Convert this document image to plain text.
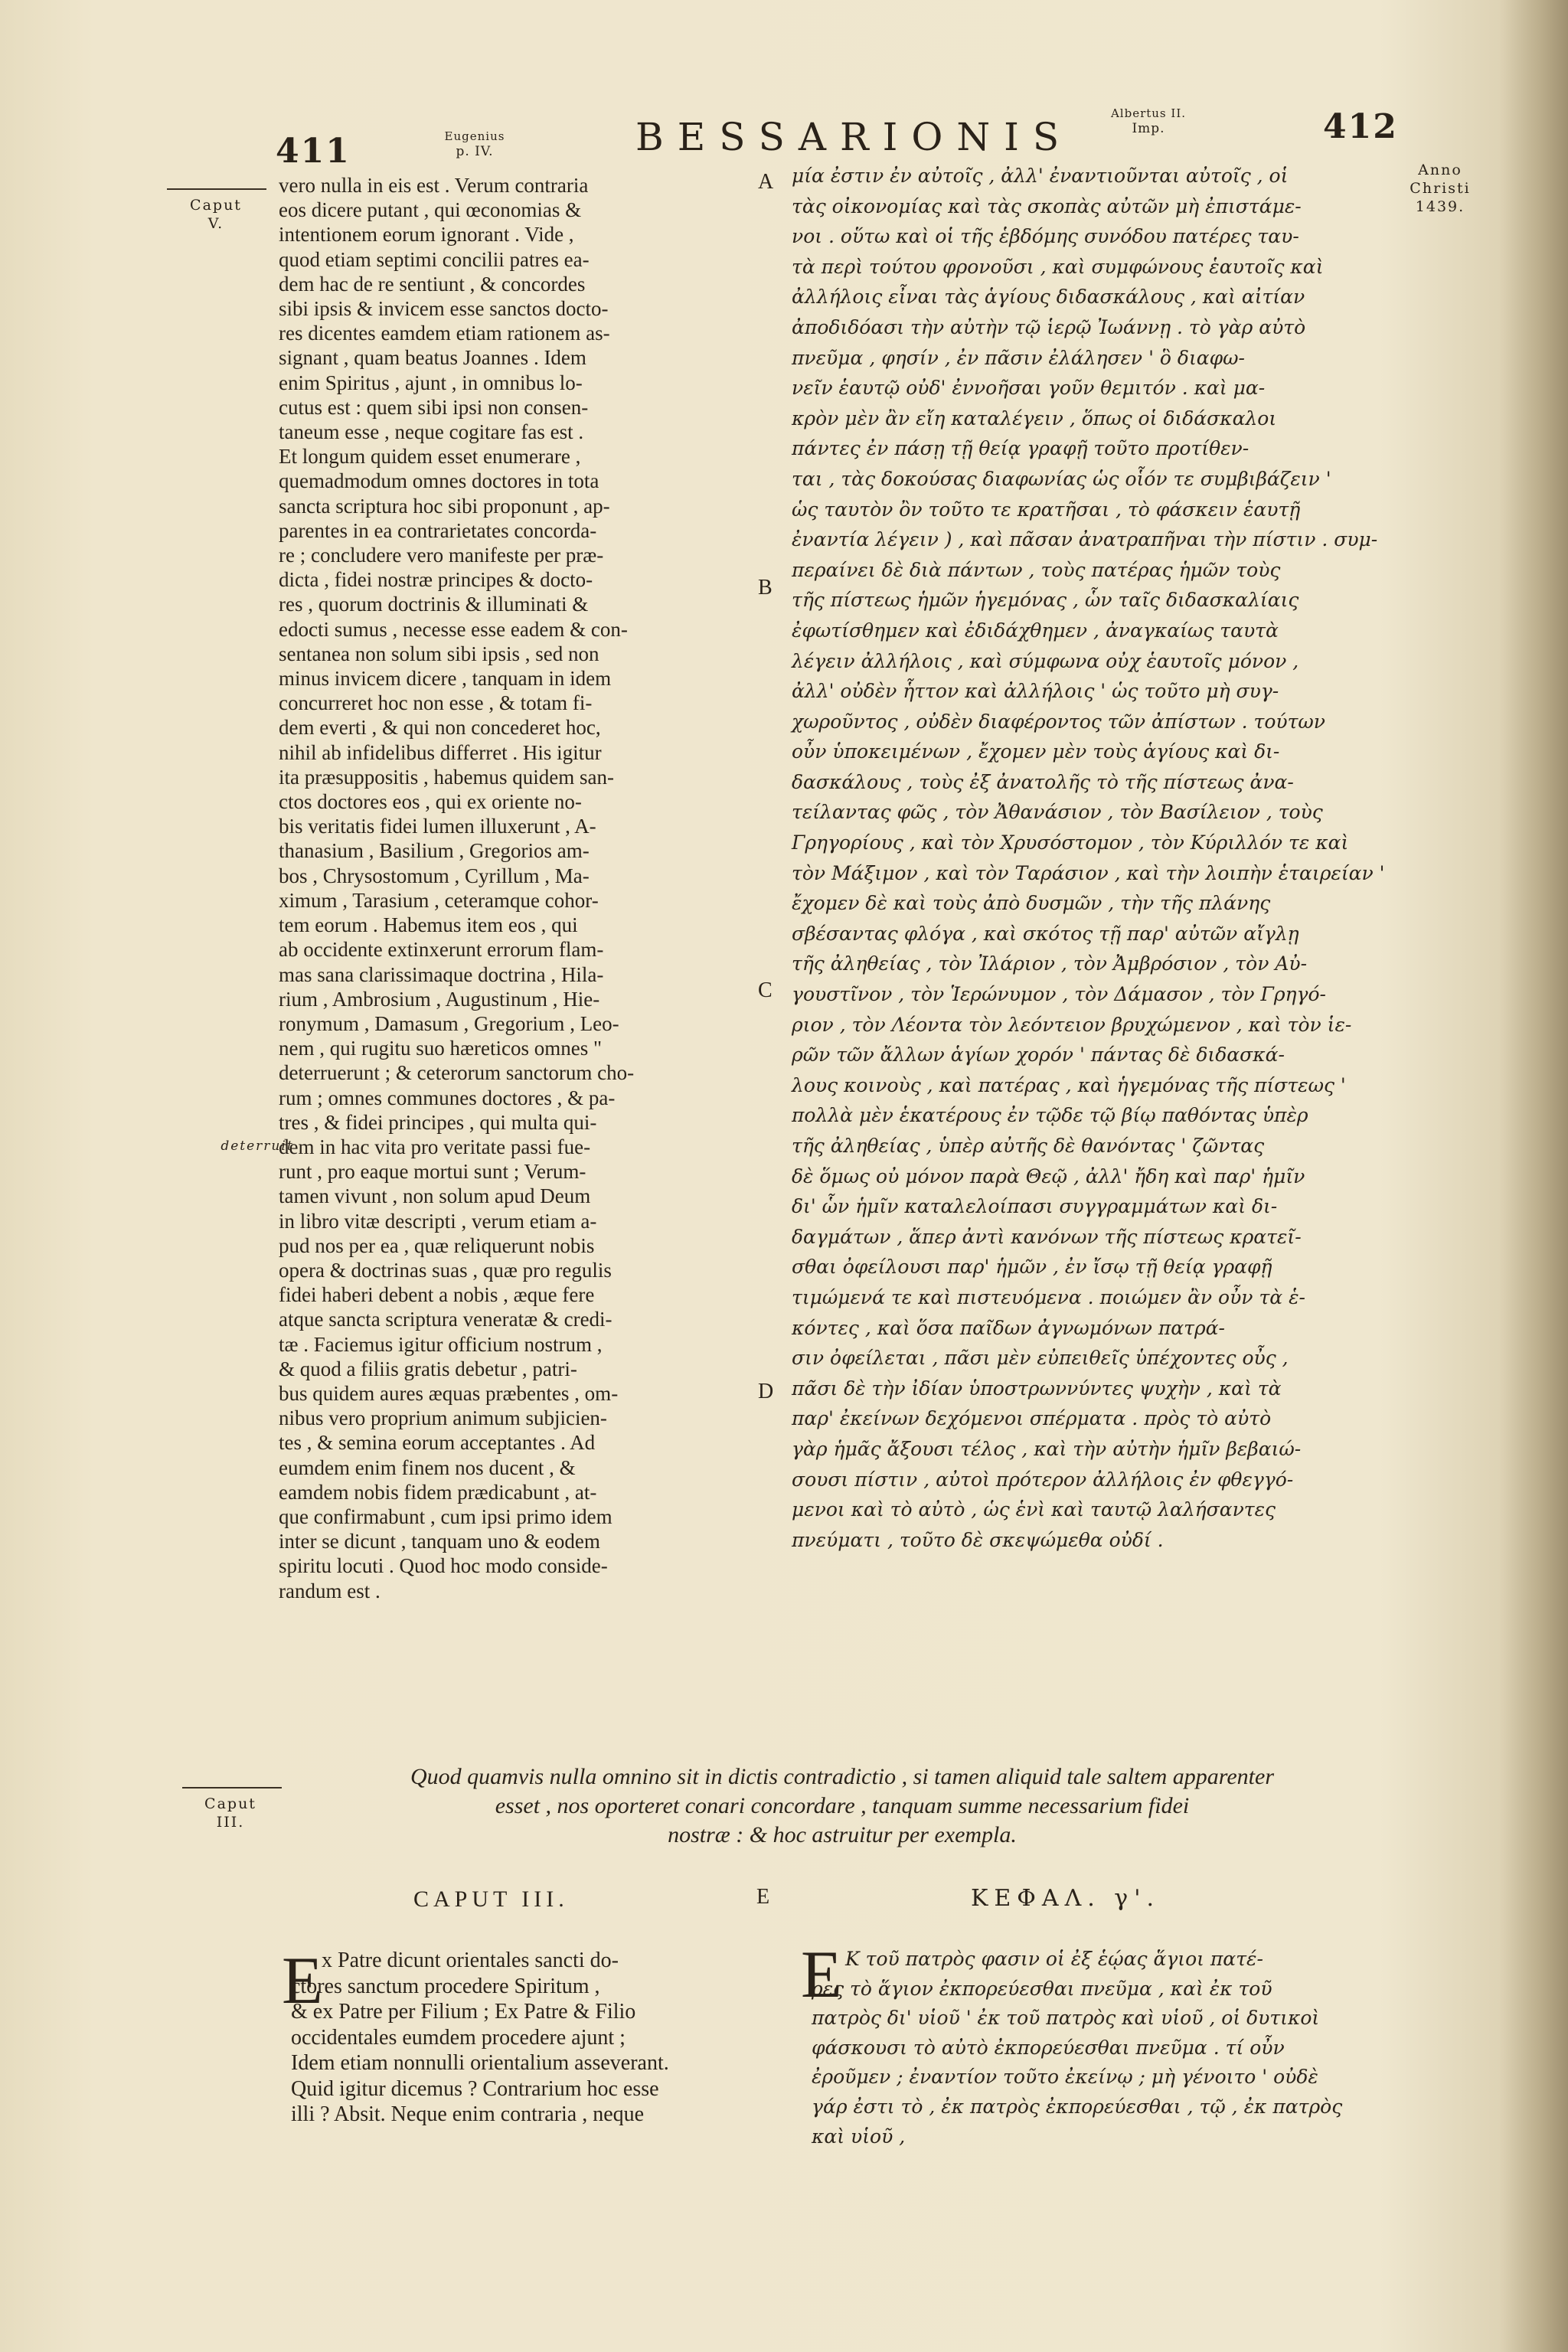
411	Eugenius
p. IV.	BESSARIONIS
Albertus II.
Imp.	412
Anno
Christi
1439.
Caput
V.
deterruit
A
B
C
D
vero nulla in eis est . Verum contraria
eos dicere putant , qui œconomias &
intentionem eorum ignorant . Vide ,
quod etiam septimi concilii patres ea-
dem hac de re sentiunt , & concordes
sibi ipsis & invicem esse sanctos docto-
res dicentes eamdem etiam rationem as-
signant , quam beatus Joannes . Idem
enim Spiritus , ajunt , in omnibus lo-
cutus est : quem sibi ipsi non consen-
taneum esse , neque cogitare fas est .
Et longum quidem esset enumerare ,
quemadmodum omnes doctores in tota
sancta scriptura hoc sibi proponunt , ap-
parentes in ea contrarietates concorda-
re ; concludere vero manifeste per præ-
dicta , fidei nostræ principes & docto-
res , quorum doctrinis & illuminati &
edocti sumus , necesse esse eadem & con-
sentanea non solum sibi ipsis , sed non
minus invicem dicere , tanquam in idem
concurreret hoc non esse , & totam fi-
dem everti , & qui non concederet hoc,
nihil ab infidelibus differret . His igitur
ita præsuppositis , habemus quidem san-
ctos doctores eos , qui ex oriente no-
bis veritatis fidei lumen illuxerunt , A-
thanasium , Basilium , Gregorios am-
bos , Chrysostomum , Cyrillum , Ma-
ximum , Tarasium , ceteramque cohor-
tem eorum . Habemus item eos , qui
ab occidente extinxerunt errorum flam-
mas sana clarissimaque doctrina , Hila-
rium , Ambrosium , Augustinum , Hie-
ronymum , Damasum , Gregorium , Leo-
nem , qui rugitu suo hæreticos omnes "
deterruerunt ; & ceterorum sanctorum cho-
rum ; omnes communes doctores , & pa-
tres , & fidei principes , qui multa qui-
dem in hac vita pro veritate passi fue-
runt , pro eaque mortui sunt ; Verum-
tamen vivunt , non solum apud Deum
in libro vitæ descripti , verum etiam a-
pud nos per ea , quæ reliquerunt nobis
opera & doctrinas suas , quæ pro regulis
fidei haberi debent a nobis , æque fere
atque sancta scriptura veneratæ & credi-
tæ . Faciemus igitur officium nostrum ,
& quod a filiis gratis debetur , patri-
bus quidem aures æquas præbentes , om-
nibus vero proprium animum subjicien-
tes , & semina eorum acceptantes . Ad
eumdem enim finem nos ducent , &
eamdem nobis fidem prædicabunt , at-
que confirmabunt , cum ipsi primo idem
inter se dicunt , tanquam uno & eodem
spiritu locuti . Quod hoc modo conside-
randum est .
μία ἐστιν ἐν αὐτοῖς , ἀλλ' ἐναντιοῦνται αὐτοῖς , οἱ
τὰς οἰκονομίας καὶ τὰς σκοπὰς αὐτῶν μὴ ἐπιστάμε-
νοι . οὕτω καὶ οἱ τῆς ἑβδόμης συνόδου πατέρες ταυ-
τὰ περὶ τούτου φρονοῦσι , καὶ συμφώνους ἑαυτοῖς καὶ
ἀλλήλοις εἶναι τὰς ἁγίους διδασκάλους , καὶ αἰτίαν
ἀποδιδόασι τὴν αὐτὴν τῷ ἱερῷ Ἰωάννῃ . τὸ γὰρ αὐτὸ
πνεῦμα , φησίν , ἐν πᾶσιν ἐλάλησεν ' ὃ διαφω-
νεῖν ἑαυτῷ οὐδ' ἐννοῆσαι γοῦν θεμιτόν . καὶ μα-
κρὸν μὲν ἂν εἴη καταλέγειν , ὅπως οἱ διδάσκαλοι
πάντες ἐν πάσῃ τῇ θείᾳ γραφῇ τοῦτο προτίθεν-
ται , τὰς δοκούσας διαφωνίας ὡς οἷόν τε συμβιβάζειν '
ὡς ταυτὸν ὂν τοῦτο τε κρατῆσαι , τὸ φάσκειν ἑαυτῇ
ἐναντία λέγειν ) , καὶ πᾶσαν ἀνατραπῆναι τὴν πίστιν . συμ-
περαίνει δὲ διὰ πάντων , τοὺς πατέρας ἡμῶν τοὺς
τῆς πίστεως ἡμῶν ἡγεμόνας , ὧν ταῖς διδασκαλίαις
ἐφωτίσθημεν καὶ ἐδιδάχθημεν , ἀναγκαίως ταυτὰ
λέγειν ἀλλήλοις , καὶ σύμφωνα οὐχ ἑαυτοῖς μόνον ,
ἀλλ' οὐδὲν ἧττον καὶ ἀλλήλοις ' ὡς τοῦτο μὴ συγ-
χωροῦντος , οὐδὲν διαφέροντος τῶν ἀπίστων . τούτων
οὖν ὑποκειμένων , ἔχομεν μὲν τοὺς ἁγίους καὶ δι-
δασκάλους , τοὺς ἐξ ἀνατολῆς τὸ τῆς πίστεως ἀνα-
τείλαντας φῶς , τὸν Ἀθανάσιον , τὸν Βασίλειον , τοὺς
Γρηγορίους , καὶ τὸν Χρυσόστομον , τὸν Κύριλλόν τε καὶ
τὸν Μάξιμον , καὶ τὸν Ταράσιον , καὶ τὴν λοιπὴν ἑταιρείαν '
ἔχομεν δὲ καὶ τοὺς ἀπὸ δυσμῶν , τὴν τῆς πλάνης
σβέσαντας φλόγα , καὶ σκότος τῇ παρ' αὐτῶν αἴγλῃ
τῆς ἀληθείας , τὸν Ἰλάριον , τὸν Ἀμβρόσιον , τὸν Αὐ-
γουστῖνον , τὸν Ἱερώνυμον , τὸν Δάμασον , τὸν Γρηγό-
ριον , τὸν Λέοντα τὸν λεόντειον βρυχώμενον , καὶ τὸν ἱε-
ρῶν τῶν ἄλλων ἁγίων χορόν ' πάντας δὲ διδασκά-
λους κοινοὺς , καὶ πατέρας , καὶ ἡγεμόνας τῆς πίστεως '
πολλὰ μὲν ἑκατέρους ἐν τῷδε τῷ βίῳ παθόντας ὑπὲρ
τῆς ἀληθείας , ὑπὲρ αὐτῆς δὲ θανόντας ' ζῶντας
δὲ ὅμως οὐ μόνον παρὰ Θεῷ , ἀλλ' ἤδη καὶ παρ' ἡμῖν
δι' ὧν ἡμῖν καταλελοίπασι συγγραμμάτων καὶ δι-
δαγμάτων , ἅπερ ἀντὶ κανόνων τῆς πίστεως κρατεῖ-
σθαι ὀφείλουσι παρ' ἡμῶν , ἐν ἴσῳ τῇ θείᾳ γραφῇ
τιμώμενά τε καὶ πιστευόμενα . ποιώμεν ἂν οὖν τὰ ἑ-
κόντες , καὶ ὅσα παῖδων ἀγνωμόνων πατρά-
σιν ὀφείλεται , πᾶσι μὲν εὐπειθεῖς ὑπέχοντες οὖς ,
πᾶσι δὲ τὴν ἰδίαν ὑποστρωννύντες ψυχὴν , καὶ τὰ
παρ' ἐκείνων δεχόμενοι σπέρματα . πρὸς τὸ αὐτὸ
γὰρ ἡμᾶς ἄξουσι τέλος , καὶ τὴν αὐτὴν ἡμῖν βεβαιώ-
σουσι πίστιν , αὐτοὶ πρότερον ἀλλήλοις ἐν φθεγγό-
μενοι καὶ τὸ αὐτὸ , ὡς ἑνὶ καὶ ταυτῷ λαλήσαντες
πνεύματι , τοῦτο δὲ σκεψώμεθα οὐδί .
Caput
III.
Quod quamvis nulla omnino sit in dictis contradictio , si tamen aliquid tale saltem apparenter
esset , nos oporteret conari concordare , tanquam summe necessarium fidei
nostræ : & hoc astruitur per exempla.
CAPUT III.	E	ΚΕΦΑΛ. γ'.
E
x Patre dicunt orientales sancti do-
ctores sanctum procedere Spiritum ,
& ex Patre per Filium ; Ex Patre & Filio
occidentales eumdem procedere ajunt ;
Idem etiam nonnulli orientalium asseverant.
Quid igitur dicemus ? Contrarium hoc esse
illi ? Absit. Neque enim contraria , neque
Ε Κ τοῦ πατρὸς φασιν οἱ ἐξ ἑῴας ἅγιοι πατέ-
ρες τὸ ἅγιον ἐκπορεύεσθαι πνεῦμα , καὶ ἐκ τοῦ
πατρὸς δι' υἱοῦ ' ἐκ τοῦ πατρὸς καὶ υἱοῦ , οἱ δυτικοὶ
φάσκουσι τὸ αὐτὸ ἐκπορεύεσθαι πνεῦμα . τί οὖν
ἐροῦμεν ; ἐναντίον τοῦτο ἐκείνῳ ; μὴ γένοιτο ' οὐδὲ
γάρ ἐστι τὸ , ἐκ πατρὸς ἐκπορεύεσθαι , τῷ , ἐκ πατρὸς
καὶ υἱοῦ ,
